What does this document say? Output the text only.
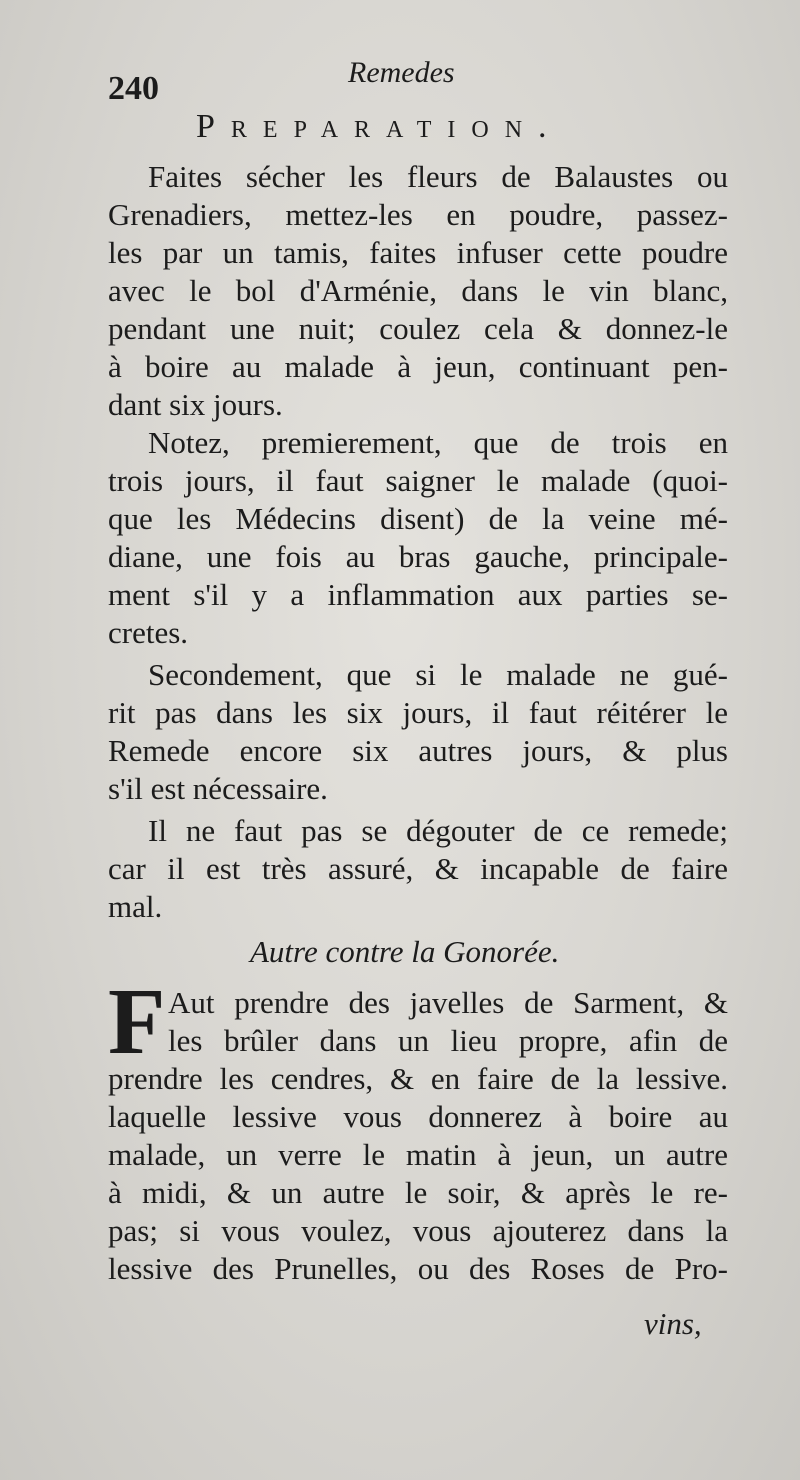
240	Remedes
Preparation.
Faites sécher les fleurs de Balaustes ou
Grenadiers, mettez-les en poudre, passez-
les par un tamis, faites infuser cette poudre
avec le bol d'Arménie, dans le vin blanc,
pendant une nuit; coulez cela & donnez-le
à boire au malade à jeun, continuant pen-
dant six jours.
Notez, premierement, que de trois en
trois jours, il faut saigner le malade (quoi-
que les Médecins disent) de la veine mé-
diane, une fois au bras gauche, principale-
ment s'il y a inflammation aux parties se-
cretes.
Secondement, que si le malade ne gué-
rit pas dans les six jours, il faut réitérer le
Remede encore six autres jours, & plus
s'il est nécessaire.
Il ne faut pas se dégouter de ce remede;
car il est très assuré, & incapable de faire
mal.
Autre contre la Gonorée.
F Aut prendre des javelles de Sarment, &
les brûler dans un lieu propre, afin de
prendre les cendres, & en faire de la lessive.
laquelle lessive vous donnerez à boire au
malade, un verre le matin à jeun, un autre
à midi, & un autre le soir, & après le re-
pas; si vous voulez, vous ajouterez dans la
lessive des Prunelles, ou des Roses de Pro-
vins,
